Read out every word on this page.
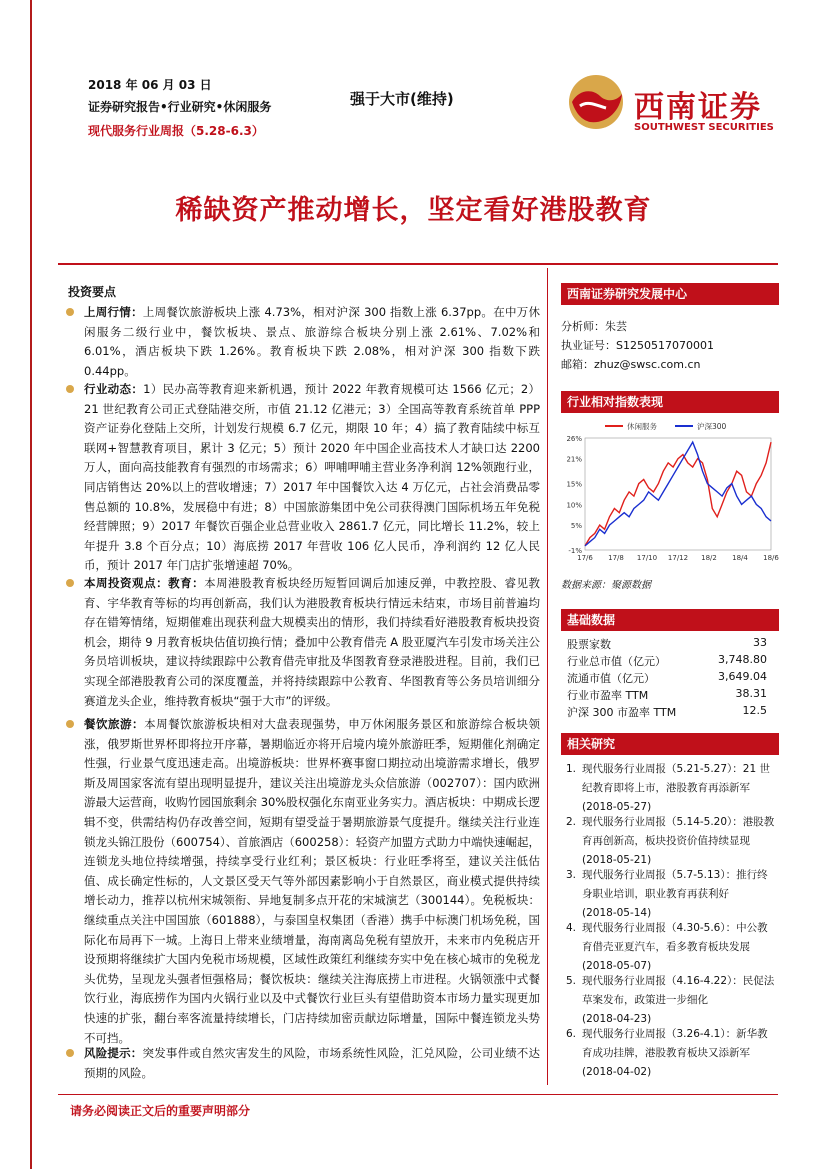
2018 年 06 月 03 日
证券研究报告•行业研究•休闲服务
现代服务行业周报（5.28-6.3）
强于大市(维持)	西南证券
SOUTHWEST SECURITIES
稀缺资产推动增长，坚定看好港股教育
投资要点
上周行情：上周餐饮旅游板块上涨 4.73%，相对沪深 300 指数上涨 6.37pp。在中万休闲服务二级行业中，餐饮板块、景点、旅游综合板块分别上涨 2.61%、7.02%和 6.01%，酒店板块下跌 1.26%。教育板块下跌 2.08%，相对沪深 300 指数下跌 0.44pp。
行业动态：1）民办高等教育迎来新机遇，预计 2022 年教育规模可达 1566 亿元；2）21 世纪教育公司正式登陆港交所，市值 21.12 亿港元；3）全国高等教育系统首单 PPP 资产证券化登陆上交所，计划发行规模 6.7 亿元，期限 10 年；4）搞了教育陆续中标互联网+智慧教育项目，累计 3 亿元；5）预计 2020 年中国企业高技术人才缺口达 2200 万人，面向高技能教育有强烈的市场需求；6）呷哺呷哺主营业务净利润 12%领跑行业，同店销售达 20%以上的营收增速；7）2017 年中国餐饮入达 4 万亿元，占社会消费品零售总额的 10.8%，发展稳中有进；8）中国旅游集团中免公司获得澳门国际机场五年免税经营牌照；9）2017 年餐饮百强企业总营业收入 2861.7 亿元，同比增长 11.2%，较上年提升 3.8 个百分点；10）海底捞 2017 年营收 106 亿人民币，净利润约 12 亿人民币，预计 2017 年门店扩张增速超 70%。
本周投资观点：教育：本周港股教育板块经历短暂回调后加速反弹，中教控股、睿见教育、宇华教育等标的均再创新高，我们认为港股教育板块行情远未结束，市场目前普遍均存在错筹情绪，短期催难出现获利盘大规模卖出的情形，我们持续看好港股教育板块投资机会，期待 9 月教育板块估值切换行情；叠加中公教育借壳 A 股亚厦汽车引发市场关注公务员培训板块，建议持续跟踪中公教育借壳审批及华图教育登录港股进程。目前，我们已实现全部港股教育公司的深度覆盖，并将持续跟踪中公教育、华图教育等公务员培训细分赛道龙头企业，维持教育板块“强于大市”的评级。
餐饮旅游：本周餐饮旅游板块相对大盘表现强势，申万休闲服务景区和旅游综合板块领涨，俄罗斯世界杯即将拉开序幕，暑期临近亦将开启境内境外旅游旺季，短期催化剂确定性强，行业景气度迅速走高。出境游板块：世界杯赛事窗口期拉动出境游需求增长，俄罗斯及周国家客流有望出现明显提升，建议关注出境游龙头众信旅游（002707）：国内欧洲游最大运营商，收购竹园国旅剩余 30%股权强化东南亚业务实力。酒店板块：中期成长逻辑不变，供需结构仍存改善空间，短期有望受益于暑期旅游景气度提升。继续关注行业连锁龙头锦江股份（600754）、首旅酒店（600258）：轻资产加盟方式助力中端快速崛起，连锁龙头地位持续增强，持续享受行业红利；景区板块：行业旺季将至，建议关注低估值、成长确定性标的，人文景区受天气等外部因素影响小于自然景区，商业模式提供持续增长动力，推荐以杭州宋城领衔、异地复制多点开花的宋城演艺（300144）。免税板块：继续重点关注中国国旅（601888），与泰国皇权集团（香港）携手中标澳门机场免税，国际化布局再下一城。上海日上带来业绩增量，海南离岛免税有望放开，未来市内免税店开设预期将继续扩大国内免税市场规模，区域性政策红利继续夯实中免在核心城市的免税龙头优势，呈现龙头强者恒强格局；餐饮板块：继续关注海底捞上市进程。火锅领涨中式餐饮行业，海底捞作为国内火锅行业以及中式餐饮行业巨头有望借助资本市场力量实现更加快速的扩张，翻台率客流量持续增长，门店持续加密贡献边际增量，国际中餐连锁龙头势不可挡。
风险提示：突发事件或自然灾害发生的风险，市场系统性风险，汇兑风险，公司业绩不达预期的风险。
西南证券研究发展中心
分析师：朱芸
执业证号：S1250517070001
邮箱：zhuz@swsc.com.cn
行业相对指数表现
26%
21%
15%
10%
5%
-1%
17/6 17/8 17/10 17/12 18/2 18/4 18/6
休闲服务	沪深300
数据来源：聚源数据
基础数据
股票家数	33
行业总市值（亿元）	3,748.80
流通市值（亿元）	3,649.04
行业市盈率 TTM	38.31
沪深 300 市盈率 TTM	12.5
相关研究
1. 现代服务行业周报（5.21-5.27）：21 世纪教育即将上市，港股教育再添新军
(2018-05-27)
2. 现代服务行业周报（5.14-5.20）：港股教育再创新高，板块投资价值持续显现
(2018-05-21)
3. 现代服务行业周报（5.7-5.13）：推行终身职业培训，职业教育再获利好
(2018-05-14)
4. 现代服务行业周报（4.30-5.6）：中公教育借壳亚夏汽车，看多教育板块发展
(2018-05-07)
5. 现代服务行业周报（4.16-4.22）：民促法草案发布，政策进一步细化
(2018-04-23)
6. 现代服务行业周报（3.26-4.1）：新华教育成功挂牌，港股教育板块又添新军
(2018-04-02)
请务必阅读正文后的重要声明部分
